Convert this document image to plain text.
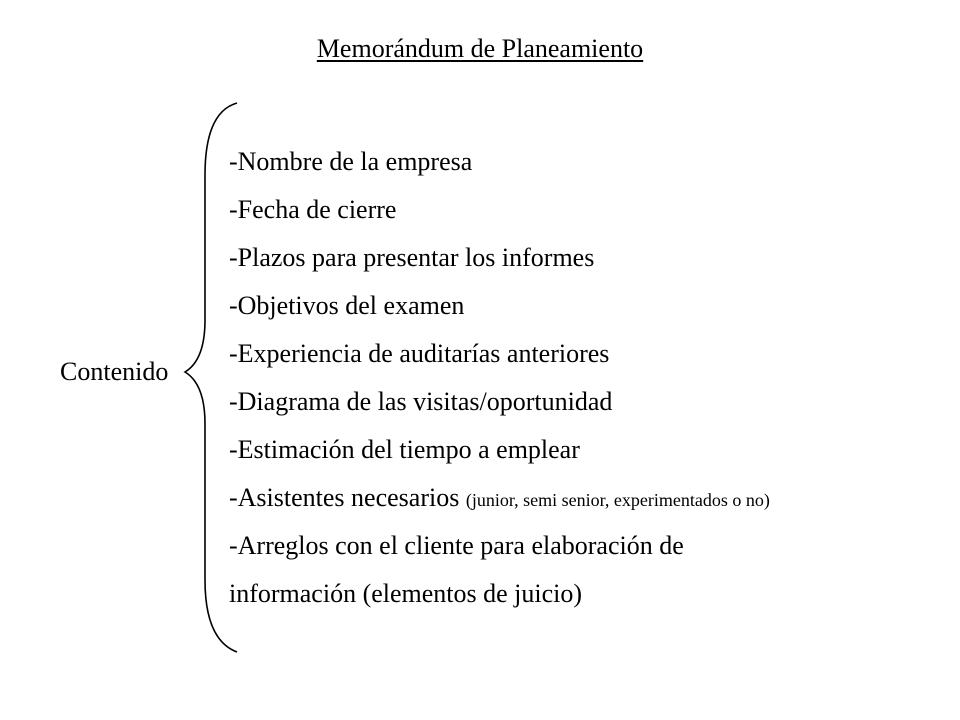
Memorándum de Planeamiento
Contenido
-Nombre de la empresa
-Fecha de cierre
-Plazos para presentar los informes
-Objetivos del examen
-Experiencia de auditarías anteriores
-Diagrama de las visitas/oportunidad
-Estimación del tiempo a emplear
-Asistentes necesarios (junior, semi senior, experimentados o no)
-Arreglos con el cliente para elaboración de
información (elementos de juicio)
